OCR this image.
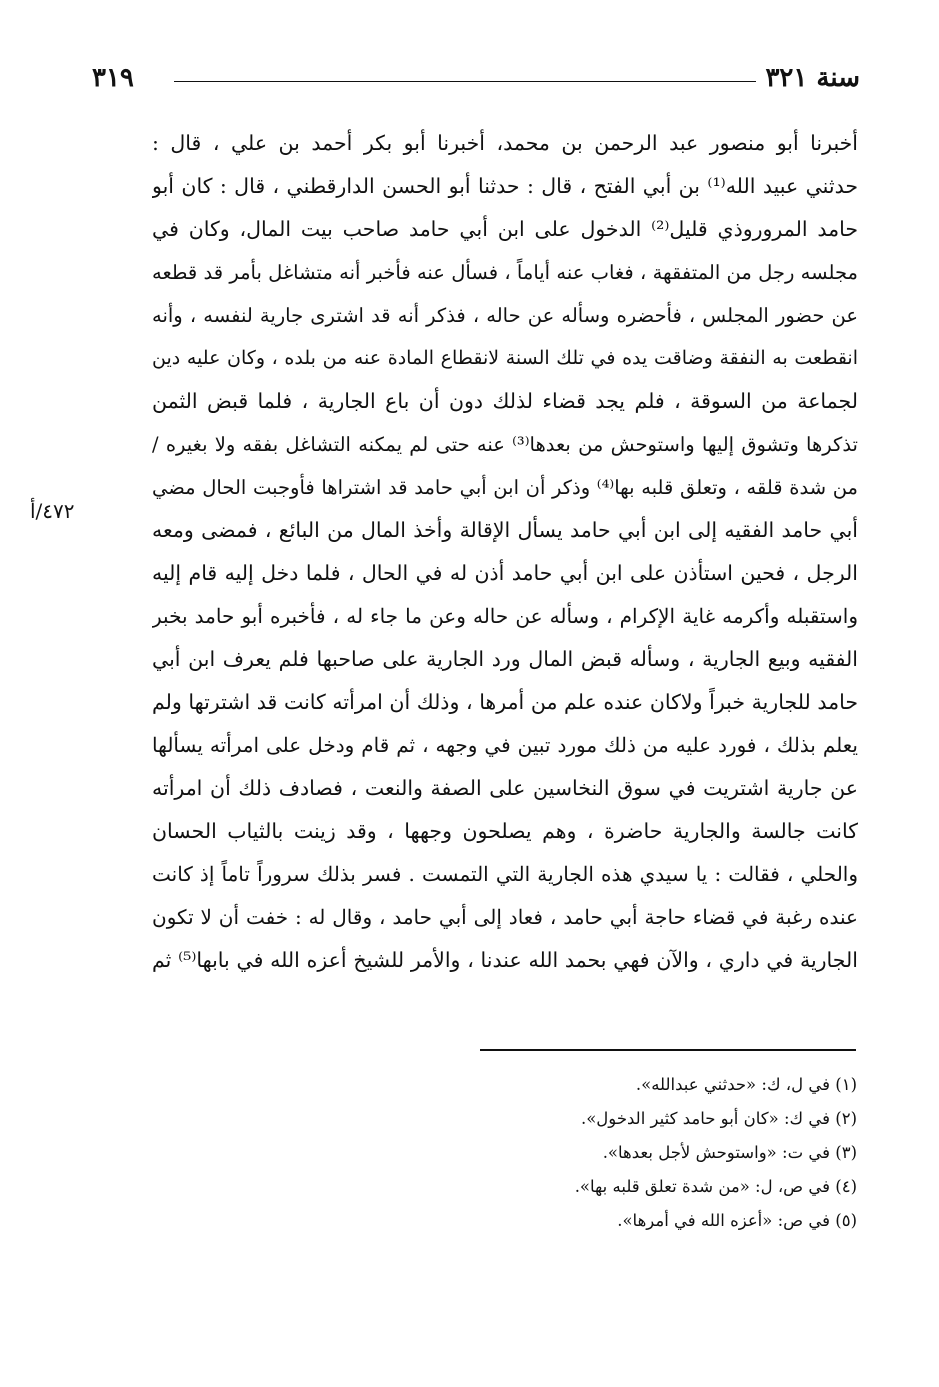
سنة ٣٢١
٣١٩
أخبرنا أبو منصور عبد الرحمن بن محمد، أخبرنا أبو بكر أحمد بن علي ، قال :
حدثني عبيد الله⁽¹⁾ بن أبي الفتح ، قال : حدثنا أبو الحسن الدارقطني ، قال : كان أبو
حامد المروروذي قليل⁽²⁾ الدخول على ابن أبي حامد صاحب بيت المال، وكان في
مجلسه رجل من المتفقهة ، فغاب عنه أياماً ، فسأل عنه فأخبر أنه متشاغل بأمر قد قطعه
عن حضور المجلس ، فأحضره وسأله عن حاله ، فذكر أنه قد اشترى جارية لنفسه ، وأنه
انقطعت به النفقة وضاقت يده في تلك السنة لانقطاع المادة عنه من بلده ، وكان عليه دين
لجماعة من السوقة ، فلم يجد قضاء لذلك دون أن باع الجارية ، فلما قبض الثمن
تذكرها وتشوق إليها واستوحش من بعدها⁽³⁾ عنه حتى لم يمكنه التشاغل بفقه ولا بغيره /
من شدة قلقه ، وتعلق قلبه بها⁽⁴⁾ وذكر أن ابن أبي حامد قد اشتراها فأوجبت الحال مضي
أبي حامد الفقيه إلى ابن أبي حامد يسأل الإقالة وأخذ المال من البائع ، فمضى ومعه
الرجل ، فحين استأذن على ابن أبي حامد أذن له في الحال ، فلما دخل إليه قام إليه
واستقبله وأكرمه غاية الإكرام ، وسأله عن حاله وعن ما جاء له ، فأخبره أبو حامد بخبر
الفقيه وبيع الجارية ، وسأله قبض المال ورد الجارية على صاحبها فلم يعرف ابن أبي
حامد للجارية خبراً ولاكان عنده علم من أمرها ، وذلك أن امرأته كانت قد اشترتها ولم
يعلم بذلك ، فورد عليه من ذلك مورد تبين في وجهه ، ثم قام ودخل على امرأته يسألها
عن جارية اشتريت في سوق النخاسين على الصفة والنعت ، فصادف ذلك أن امرأته
كانت جالسة والجارية حاضرة ، وهم يصلحون وجهها ، وقد زينت بالثياب الحسان
والحلي ، فقالت : يا سيدي هذه الجارية التي التمست . فسر بذلك سروراً تاماً إذ كانت
عنده رغبة في قضاء حاجة أبي حامد ، فعاد إلى أبي حامد ، وقال له : خفت أن لا تكون
الجارية في داري ، والآن فهي بحمد الله عندنا ، والأمر للشيخ أعزه الله في بابها⁽⁵⁾ ثم
٤٧٢/أ
(١) في ل، ك: «حدثني عبدالله».
(٢) في ك: «كان أبو حامد كثير الدخول».
(٣) في ت: «واستوحش لأجل بعدها».
(٤) في ص، ل: «من شدة تعلق قلبه بها».
(٥) في ص: «أعزه الله في أمرها».
